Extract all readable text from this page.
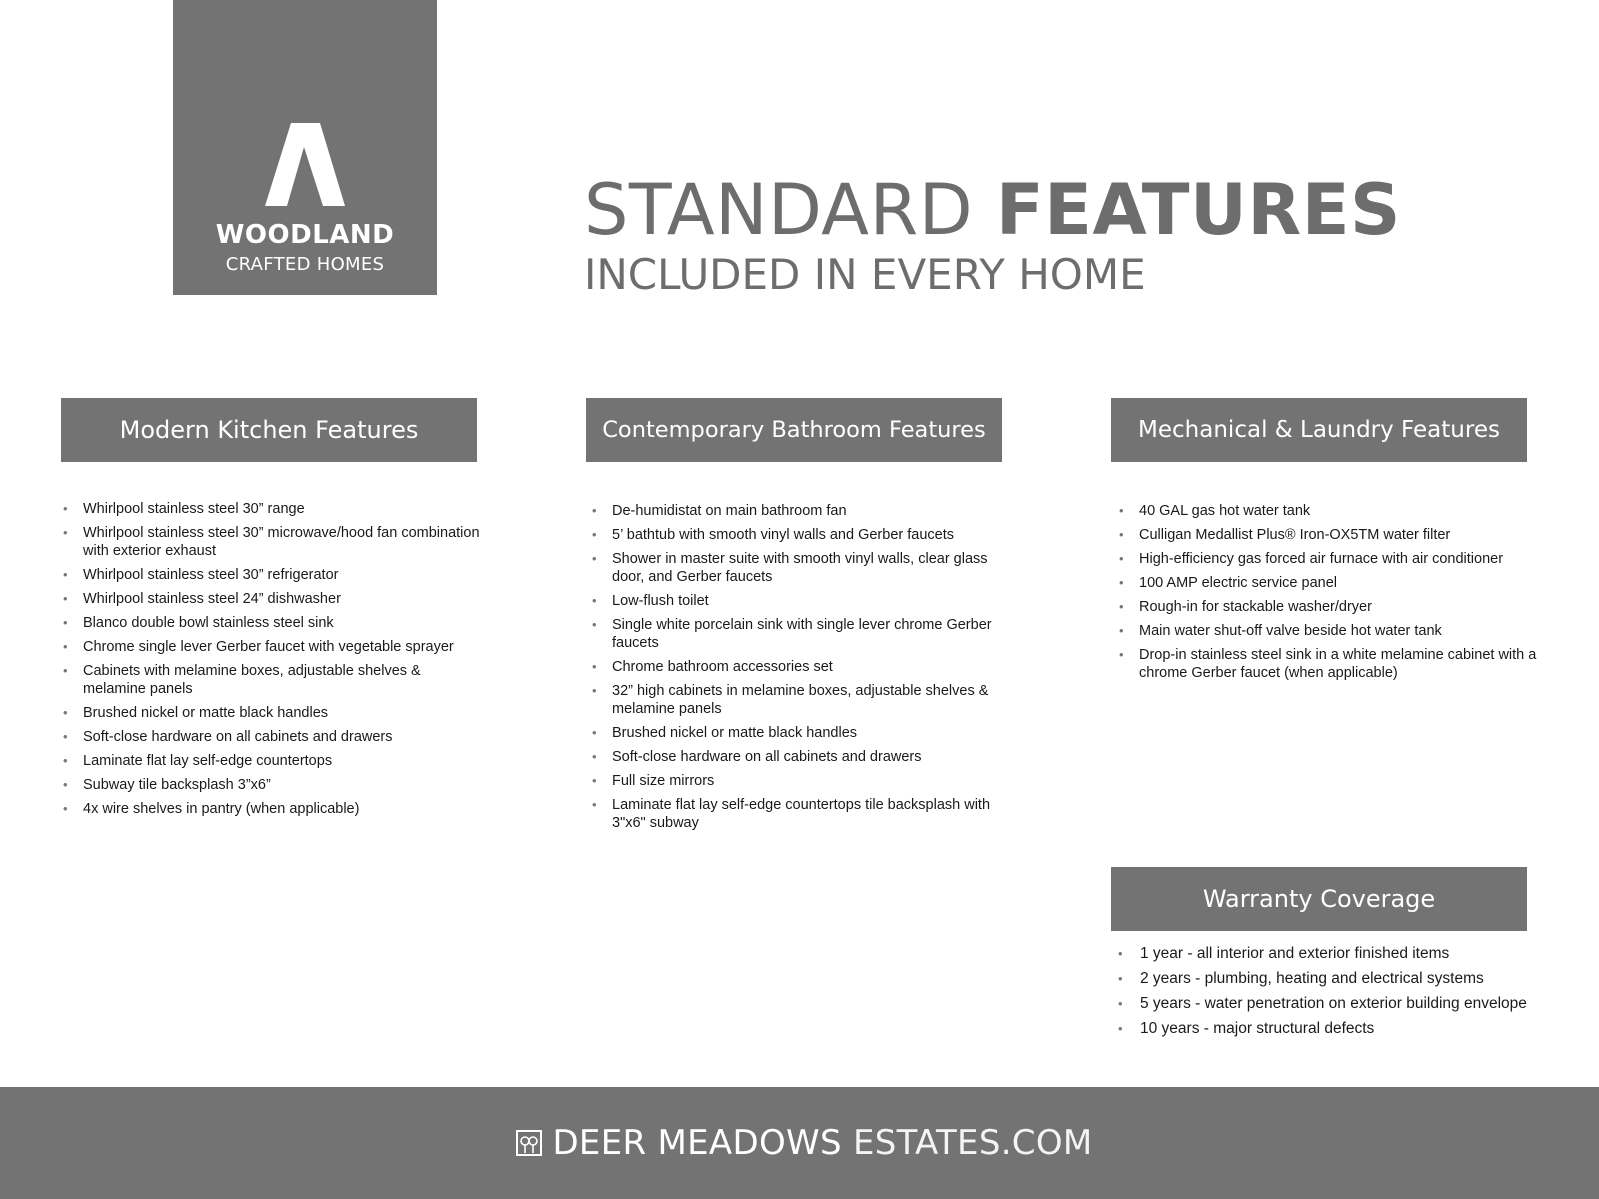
WOODLAND
CRAFTED HOMES
STANDARD FEATURES
INCLUDED IN EVERY HOME
Modern Kitchen Features
• Whirlpool stainless steel 30” range
• Whirlpool stainless steel 30” microwave/hood fan combination with exterior exhaust
• Whirlpool stainless steel 30” refrigerator
• Whirlpool stainless steel 24” dishwasher
• Blanco double bowl stainless steel sink
• Chrome single lever Gerber faucet with vegetable sprayer
• Cabinets with melamine boxes, adjustable shelves & melamine panels
• Brushed nickel or matte black handles
• Soft-close hardware on all cabinets and drawers
• Laminate flat lay self-edge countertops
• Subway tile backsplash 3”x6”
• 4x wire shelves in pantry (when applicable)
Contemporary Bathroom Features
• De-humidistat on main bathroom fan
• 5’ bathtub with smooth vinyl walls and Gerber faucets
• Shower in master suite with smooth vinyl walls, clear glass door, and Gerber faucets
• Low-flush toilet
• Single white porcelain sink with single lever chrome Gerber faucets
• Chrome bathroom accessories set
• 32” high cabinets in melamine boxes, adjustable shelves & melamine panels
• Brushed nickel or matte black handles
• Soft-close hardware on all cabinets and drawers
• Full size mirrors
• Laminate flat lay self-edge countertops tile backsplash with 3"x6" subway
Mechanical & Laundry Features
• 40 GAL gas hot water tank
• Culligan Medallist Plus® Iron-OX5TM water filter
• High-efficiency gas forced air furnace with air conditioner
• 100 AMP electric service panel
• Rough-in for stackable washer/dryer
• Main water shut-off valve beside hot water tank
• Drop-in stainless steel sink in a white melamine cabinet with a chrome Gerber faucet (when applicable)
Warranty Coverage
• 1 year - all interior and exterior finished items
• 2 years - plumbing, heating and electrical systems
• 5 years - water penetration on exterior building envelope
• 10 years - major structural defects
DEER MEADOWS ESTATES.COM
